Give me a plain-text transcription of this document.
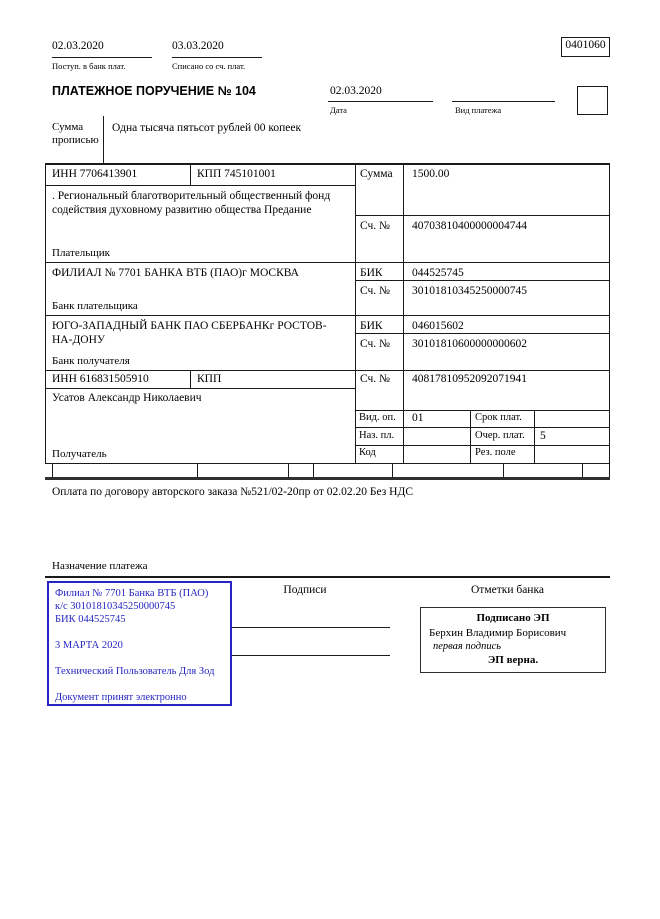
02.03.2020
Поступ. в банк плат.
03.03.2020
Списано со сч. плат.
0401060
ПЛАТЕЖНОЕ ПОРУЧЕНИЕ № 104	02.03.2020
Дата	Вид платежа
Сумма прописью
Одна тысяча пятьсот рублей 00 копеек
ИНН 7706413901	КПП 745101001	Сумма 1500.00
. Региональный благотворительный общественный фонд содействия духовному развитию общества Предание
Сч. № 40703810400000004744
Плательщик
ФИЛИАЛ № 7701 БАНКА ВТБ (ПАО)г МОСКВА	БИК	044525745
Сч. № 30101810345250000745
Банк плательщика
ЮГО-ЗАПАДНЫЙ БАНК ПАО СБЕРБАНКг РОСТОВ-НА-ДОНУ
БИК	046015602
Сч. № 30101810600000000602
Банк получателя
ИНН 616831505910	КПП	Сч. № 40817810952092071941
Усатов Александр Николаевич
Получатель
Вид. оп. 01	Срок плат.
Наз. пл.	Очер. плат. 5
Код	Рез. поле
Оплата по договору авторского заказа №521/02-20пр от 02.02.20 Без НДС
Назначение платежа
Филиал № 7701 Банка ВТБ (ПАО)
к/с 30101810345250000745
БИК 044525745
3 МАРТА 2020
Технический Пользователь Для Зод
Документ принят электронно
Подписи	Отметки банка
Подписано ЭП
Берхин Владимир Борисович
первая подпись
ЭП верна.
